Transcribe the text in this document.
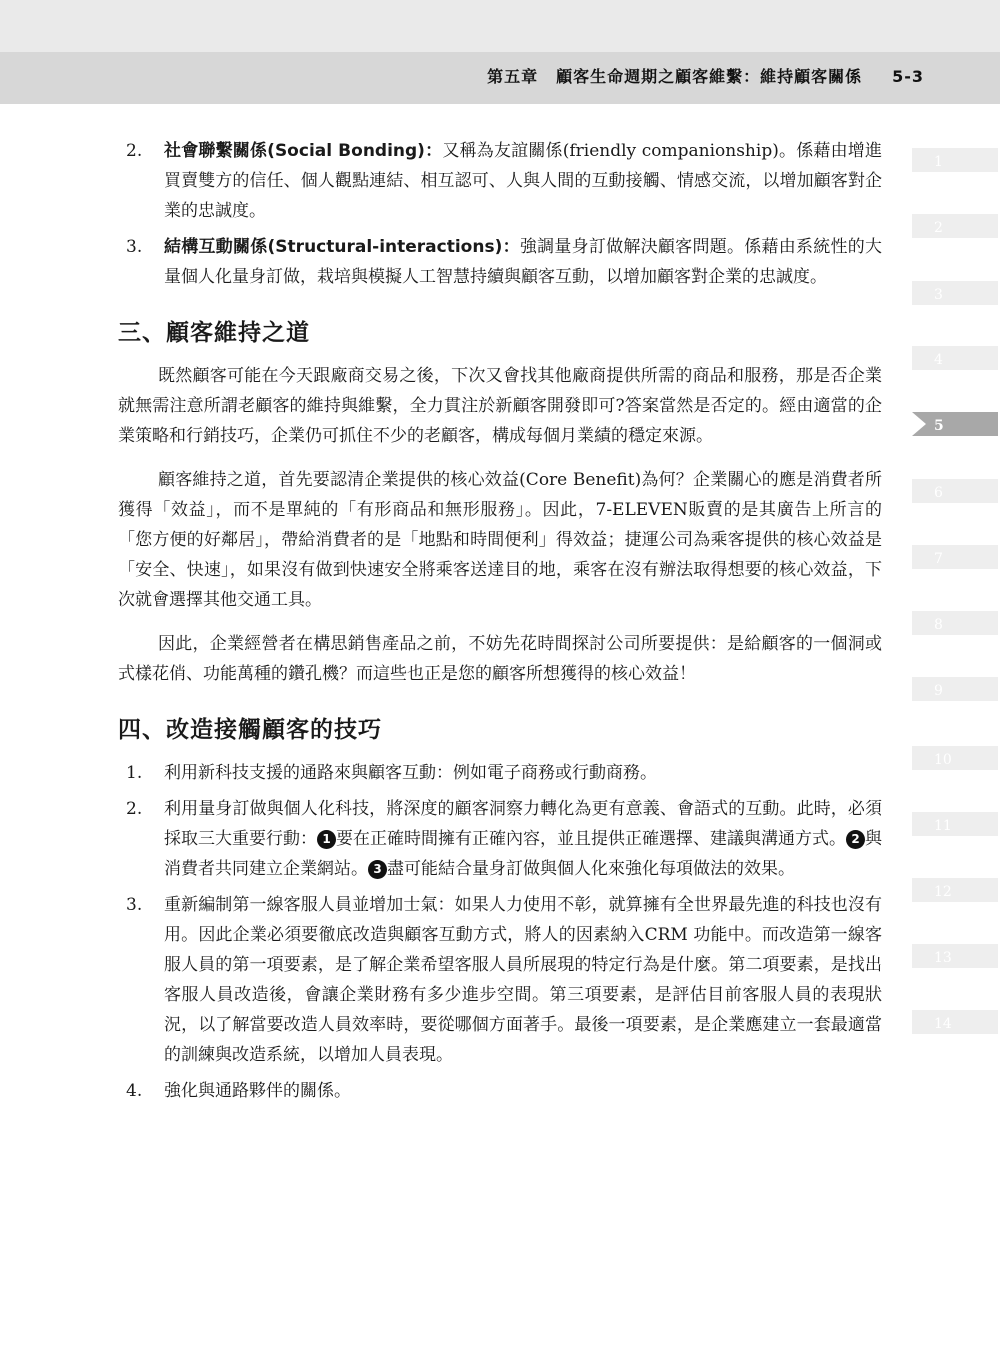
第五章 顧客生命週期之顧客維繫：維持顧客關係 5-3
1
2
3
4
5
6
7
8
9
10
11
12
13
14
2. 社會聯繫關係(Social Bonding)：又稱為友誼關係(friendly companionship)。係藉由增進買賣雙方的信任、個人觀點連結、相互認可、人與人間的互動接觸、情感交流，以增加顧客對企業的忠誠度。
3. 結構互動關係(Structural-interactions)：強調量身訂做解決顧客問題。係藉由系統性的大量個人化量身訂做，栽培與模擬人工智慧持續與顧客互動，以增加顧客對企業的忠誠度。
三、顧客維持之道

既然顧客可能在今天跟廠商交易之後，下次又會找其他廠商提供所需的商品和服務，那是否企業就無需注意所謂老顧客的維持與維繫，全力貫注於新顧客開發即可?答案當然是否定的。經由適當的企業策略和行銷技巧，企業仍可抓住不少的老顧客，構成每個月業績的穩定來源。

顧客維持之道，首先要認清企業提供的核心效益(Core Benefit)為何？企業關心的應是消費者所獲得「效益」，而不是單純的「有形商品和無形服務」。因此，7-ELEVEN販賣的是其廣告上所言的「您方便的好鄰居」，帶給消費者的是「地點和時間便利」得效益；捷運公司為乘客提供的核心效益是「安全、快速」，如果沒有做到快速安全將乘客送達目的地，乘客在沒有辦法取得想要的核心效益，下次就會選擇其他交通工具。

因此，企業經營者在構思銷售產品之前，不妨先花時間探討公司所要提供：是給顧客的一個洞或式樣花俏、功能萬種的鑽孔機？而這些也正是您的顧客所想獲得的核心效益！

四、改造接觸顧客的技巧
1. 利用新科技支援的通路來與顧客互動：例如電子商務或行動商務。
2. 利用量身訂做與個人化科技，將深度的顧客洞察力轉化為更有意義、會語式的互動。此時，必須採取三大重要行動： 1 要在正確時間擁有正確內容，並且提供正確選擇、建議與溝通方式。 2 與消費者共同建立企業網站。 3 盡可能結合量身訂做與個人化來強化每項做法的效果。
3. 重新編制第一線客服人員並增加士氣：如果人力使用不彰，就算擁有全世界最先進的科技也沒有用。因此企業必須要徹底改造與顧客互動方式，將人的因素納入CRM 功能中。而改造第一線客服人員的第一項要素，是了解企業希望客服人員所展現的特定行為是什麼。第二項要素，是找出客服人員改造後，會讓企業財務有多少進步空間。第三項要素，是評估目前客服人員的表現狀況，以了解當要改造人員效率時，要從哪個方面著手。最後一項要素，是企業應建立一套最適當的訓練與改造系統，以增加人員表現。
4. 強化與通路夥伴的關係。
